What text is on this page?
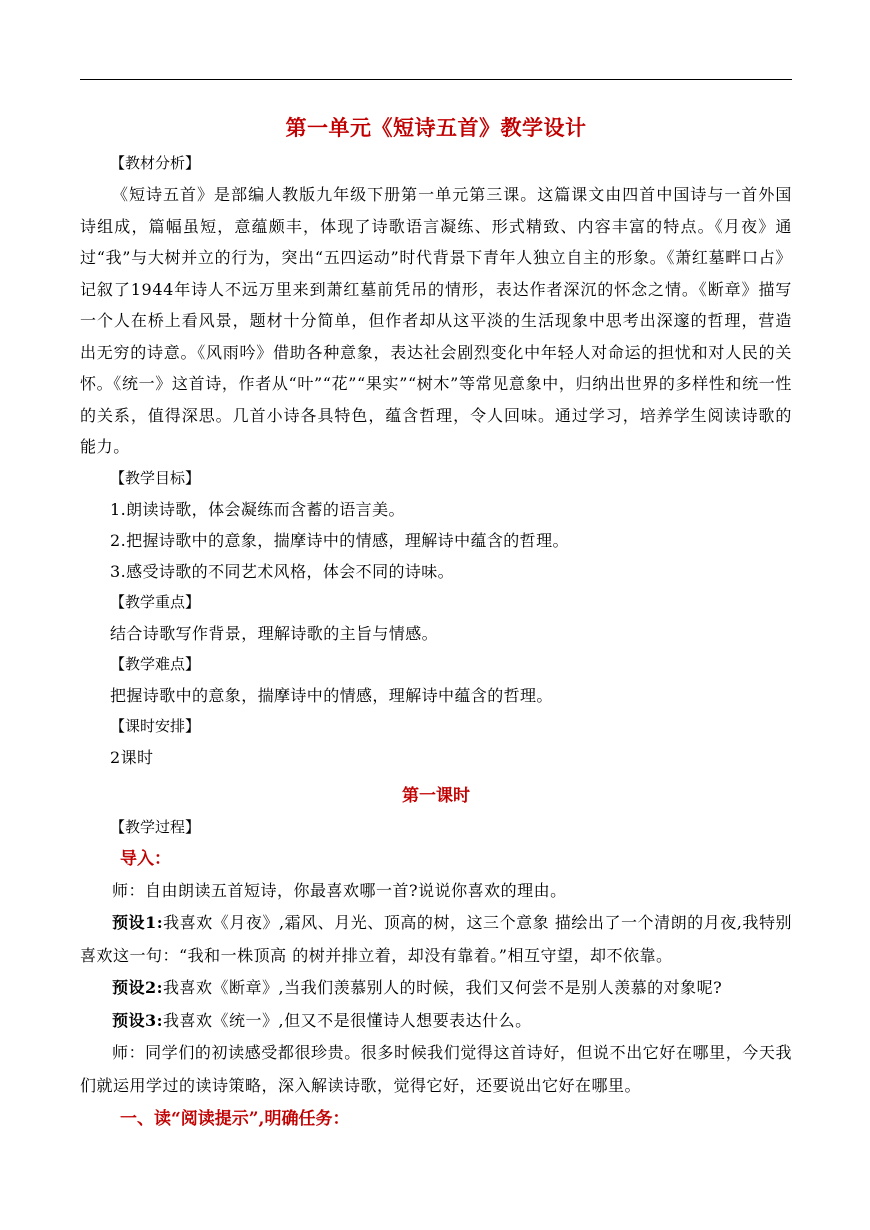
第一单元《短诗五首》教学设计
【教材分析】
《短诗五首》是部编人教版九年级下册第一单元第三课。这篇课文由四首中国诗与一首外国诗组成，篇幅虽短，意蕴颇丰，体现了诗歌语言凝练、形式精致、内容丰富的特点。《月夜》通过“我”与大树并立的行为，突出“五四运动”时代背景下青年人独立自主的形象。《萧红墓畔口占》记叙了1944年诗人不远万里来到萧红墓前凭吊的情形，表达作者深沉的怀念之情。《断章》描写一个人在桥上看风景，题材十分简单，但作者却从这平淡的生活现象中思考出深邃的哲理，营造出无穷的诗意。《风雨吟》借助各种意象，表达社会剧烈变化中年轻人对命运的担忧和对人民的关怀。《统一》这首诗，作者从“叶”“花”“果实”“树木”等常见意象中，归纳出世界的多样性和统一性的关系，值得深思。几首小诗各具特色，蕴含哲理，令人回味。通过学习，培养学生阅读诗歌的能力。
【教学目标】
1.朗读诗歌，体会凝练而含蓄的语言美。
2.把握诗歌中的意象，揣摩诗中的情感，理解诗中蕴含的哲理。
3.感受诗歌的不同艺术风格，体会不同的诗味。
【教学重点】
结合诗歌写作背景，理解诗歌的主旨与情感。
【教学难点】
把握诗歌中的意象，揣摩诗中的情感，理解诗中蕴含的哲理。
【课时安排】
2课时
第一课时
【教学过程】
导入：
师：自由朗读五首短诗，你最喜欢哪一首?说说你喜欢的理由。
预设1:我喜欢《月夜》,霜风、月光、顶高的树，这三个意象 描绘出了一个清朗的月夜,我特别喜欢这一句：“我和一株顶高 的树并排立着，却没有靠着。”相互守望，却不依靠。
预设2:我喜欢《断章》,当我们羡慕别人的时候，我们又何尝不是别人羡慕的对象呢?
预设3:我喜欢《统一》,但又不是很懂诗人想要表达什么。
师：同学们的初读感受都很珍贵。很多时候我们觉得这首诗好，但说不出它好在哪里，今天我们就运用学过的读诗策略，深入解读诗歌，觉得它好，还要说出它好在哪里。
一、读“阅读提示”,明确任务：
